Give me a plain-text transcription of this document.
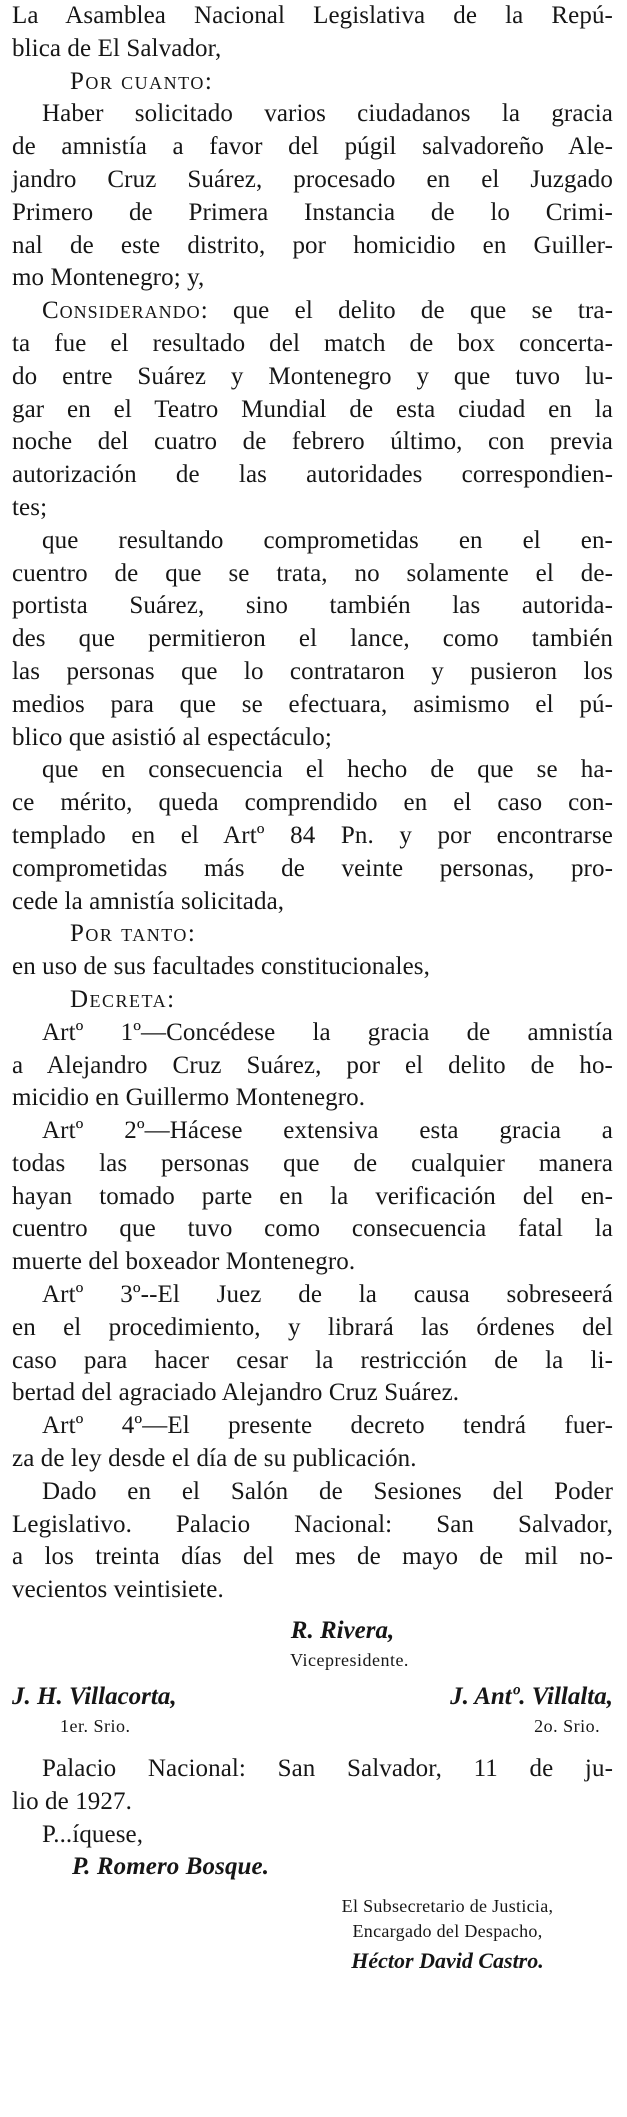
La Asamblea Nacional Legislativa de la Repú-
blica de El Salvador,
Por cuanto:
Haber solicitado varios ciudadanos la gracia
de amnistía a favor del púgil salvadoreño Ale-
jandro Cruz Suárez, procesado en el Juzgado
Primero de Primera Instancia de lo Crimi-
nal de este distrito, por homicidio en Guiller-
mo Montenegro; y,
Considerando: que el delito de que se tra-
ta fue el resultado del match de box concerta-
do entre Suárez y Montenegro y que tuvo lu-
gar en el Teatro Mundial de esta ciudad en la
noche del cuatro de febrero último, con previa
autorización de las autoridades correspondien-
tes;
que resultando comprometidas en el en-
cuentro de que se trata, no solamente el de-
portista Suárez, sino también las autorida-
des que permitieron el lance, como también
las personas que lo contrataron y pusieron los
medios para que se efectuara, asimismo el pú-
blico que asistió al espectáculo;
que en consecuencia el hecho de que se ha-
ce mérito, queda comprendido en el caso con-
templado en el Artº 84 Pn. y por encontrarse
comprometidas más de veinte personas, pro-
cede la amnistía solicitada,
Por tanto:
en uso de sus facultades constitucionales,
Decreta:
Artº 1º—Concédese la gracia de amnistía
a Alejandro Cruz Suárez, por el delito de ho-
micidio en Guillermo Montenegro.
Artº 2º—Hácese extensiva esta gracia a
todas las personas que de cualquier manera
hayan tomado parte en la verificación del en-
cuentro que tuvo como consecuencia fatal la
muerte del boxeador Montenegro.
Artº 3º--El Juez de la causa sobreseerá
en el procedimiento, y librará las órdenes del
caso para hacer cesar la restricción de la li-
bertad del agraciado Alejandro Cruz Suárez.
Artº 4º—El presente decreto tendrá fuer-
za de ley desde el día de su publicación.
Dado en el Salón de Sesiones del Poder
Legislativo. Palacio Nacional: San Salvador,
a los treinta días del mes de mayo de mil no-
vecientos veintisiete.
R. Rivera,
Vicepresidente.
J. H. Villacorta,
1er. Srio.
J. Antº. Villalta,
2o. Srio.
Palacio Nacional: San Salvador, 11 de ju-
lio de 1927.
P...íquese,
P. Romero Bosque.
El Subsecretario de Justicia,
Encargado del Despacho,
Héctor David Castro.
